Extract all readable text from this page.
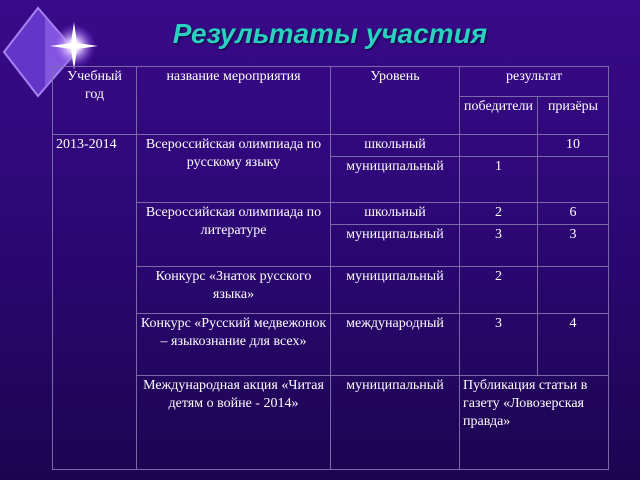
Результаты участия
Учебный год	название мероприятия	Уровень	результат	
			победители	призёры
2013-2014	Всероссийская олимпиада по русскому языку	школьный		10
		муниципальный	1	
	Всероссийская олимпиада по литературе	школьный	2	6
		муниципальный	3	3
	Конкурс «Знаток русского языка»	муниципальный	2	
	Конкурс «Русский медвежонок – языкознание для всех»	международный	3	4
	Международная акция «Читая детям о войне - 2014»	муниципальный	Публикация статьи в газету «Ловозерская правда»	
